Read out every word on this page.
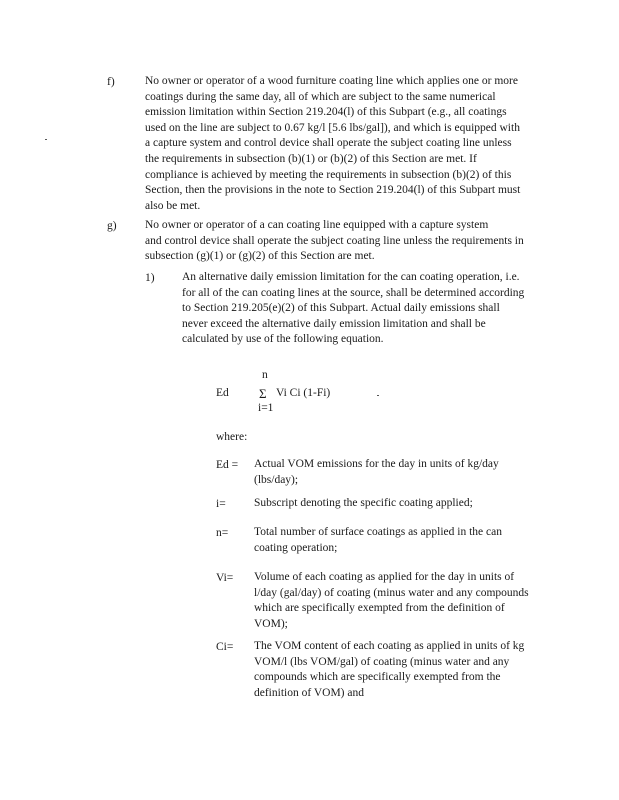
f)	No owner or operator of a wood furniture coating line which applies one or more
coatings during the same day, all of which are subject to the same numerical
emission limitation within Section 219.204(l) of this Subpart (e.g., all coatings
used on the line are subject to 0.67 kg/l [5.6 lbs/gal]), and which is equipped with
a capture system and control device shall operate the subject coating line unless
the requirements in subsection (b)(1) or (b)(2) of this Section are met. If
compliance is achieved by meeting the requirements in subsection (b)(2) of this
Section, then the provisions in the note to Section 219.204(l) of this Subpart must
also be met.
g) No owner or operator of a can coating line equipped with a capture system
and control device shall operate the subject coating line unless the requirements in
subsection (g)(1) or (g)(2) of this Section are met.
1) An alternative daily emission limitation for the can coating operation, i.e.
for all of the can coating lines at the source, shall be determined according
to Section 219.205(e)(2) of this Subpart. Actual daily emissions shall
never exceed the alternative daily emission limitation and shall be
calculated by use of the following equation.
n
Ed Σ Vi Ci (1-Fi)
i=1
where:
Ed = Actual VOM emissions for the day in units of kg/day
(lbs/day);
i= Subscript denoting the specific coating applied;
n= Total number of surface coatings as applied in the can
coating operation;
Vi= Volume of each coating as applied for the day in units of
l/day (gal/day) of coating (minus water and any compounds
which are specifically exempted from the definition of
VOM);
Ci= The VOM content of each coating as applied in units of kg
VOM/l (lbs VOM/gal) of coating (minus water and any
compounds which are specifically exempted from the
definition of VOM) and
